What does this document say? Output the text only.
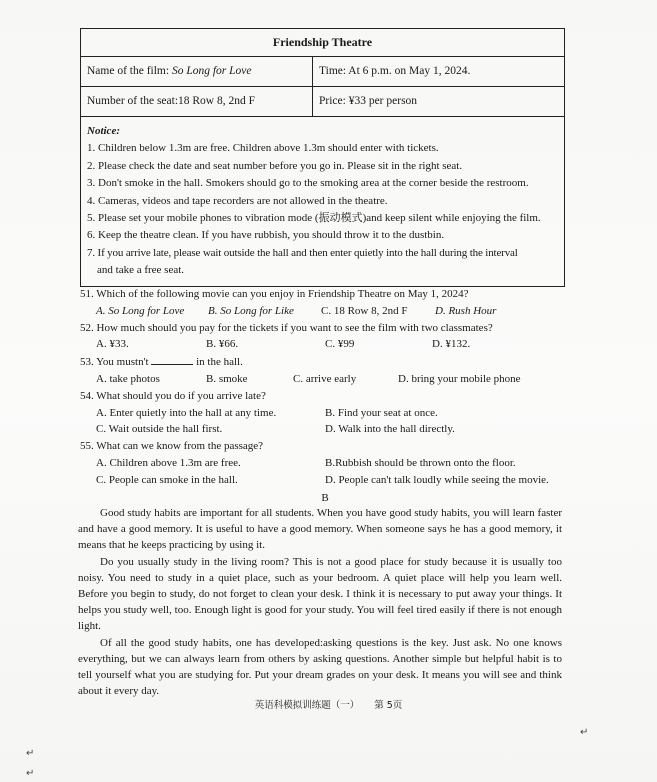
Friendship Theatre
Name of the film: So Long for Love	Time: At 6 p.m. on May 1, 2024.
Number of the seat:18 Row 8, 2nd F	Price: ¥33 per person
Notice:
1. Children below 1.3m are free. Children above 1.3m should enter with tickets.
2. Please check the date and seat number before you go in. Please sit in the right seat.
3. Don't smoke in the hall. Smokers should go to the smoking area at the corner beside the restroom.
4. Cameras, videos and tape recorders are not allowed in the theatre.
5. Please set your mobile phones to vibration mode (振动模式)and keep silent while enjoying the film.
6. Keep the theatre clean. If you have rubbish, you should throw it to the dustbin.
7. If you arrive late, please wait outside the hall and then enter quietly into the hall during the interval
and take a free seat.
51. Which of the following movie can you enjoy in Friendship Theatre on May 1, 2024?
A. So Long for Love B. So Long for Like C. 18 Row 8, 2nd F	D. Rush Hour
52. How much should you pay for the tickets if you want to see the film with two classmates?
A. ¥33.	B. ¥66.	C. ¥99	D. ¥132.
53. You mustn't	in the hall.
A. take photos	B. smoke	C. arrive early	D. bring your mobile phone
54. What should you do if you arrive late?
A. Enter quietly into the hall at any time.	B. Find your seat at once.
C. Wait outside the hall first.	D. Walk into the hall directly.
55. What can we know from the passage?
A. Children above 1.3m are free.	B.Rubbish should be thrown onto the floor.
C. People can smoke in the hall.	D. People can't talk loudly while seeing the movie.
B

Good study habits are important for all students. When you have good study habits, you will learn faster and have a good memory. It is useful to have a good memory. When someone says he has a good memory, it means that he keeps practicing by using it.

Do you usually study in the living room? This is not a good place for study because it is usually too noisy. You need to study in a quiet place, such as your bedroom. A quiet place will help you learn well. Before you begin to study, do not forget to clean your desk. I think it is necessary to put away your things. It helps you study well, too. Enough light is good for your study. You will feel tired easily if there is not enough light.

Of all the good study habits, one has developed:asking questions is the key. Just ask. No one knows everything, but we can always learn from others by asking questions. Another simple but helpful habit is to tell yourself what you are studying for. Put your dream grades on your desk. It means you will see and think about it every day.

英语科模拟训练题（一） 第 5页
↵
↵
↵
